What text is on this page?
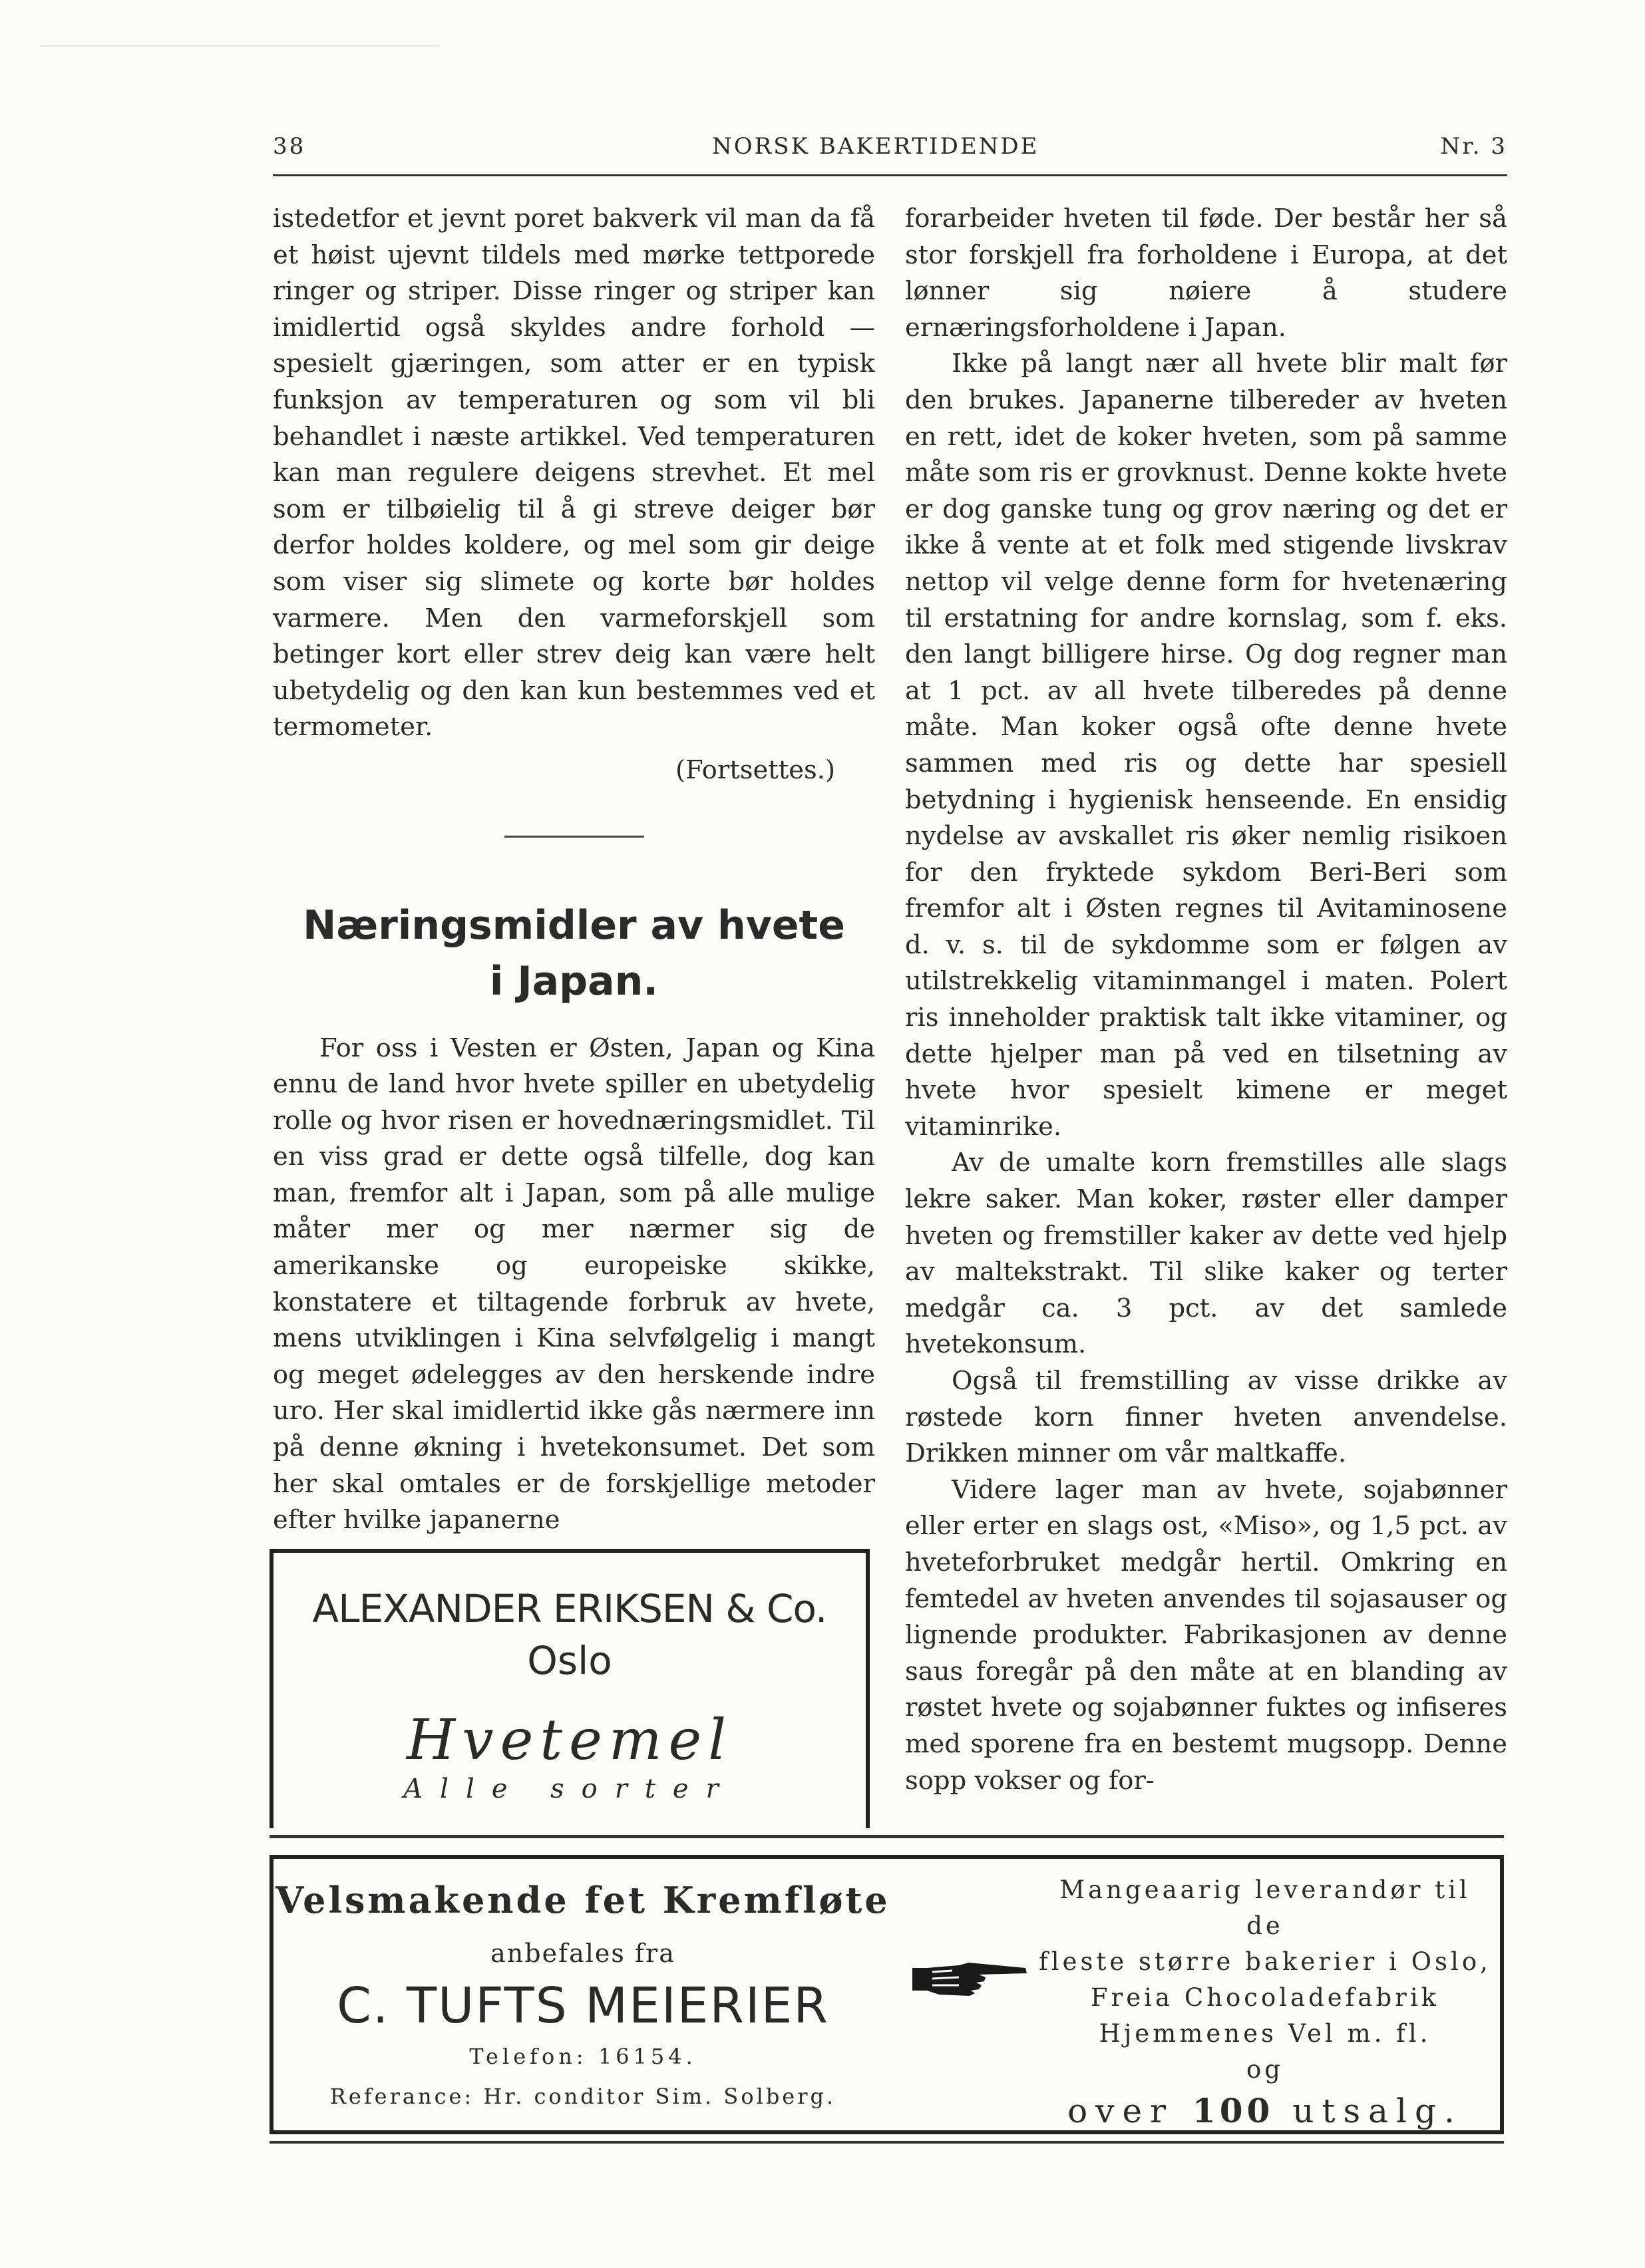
38	NORSK BAKERTIDENDE	Nr. 3

istedetfor et jevnt poret bakverk vil man da få et høist ujevnt tildels med mørke tettporede ringer og striper. Disse ringer og striper kan imidlertid også skyldes andre forhold — spesielt gjæringen, som atter er en typisk funksjon av temperaturen og som vil bli behandlet i næste artikkel. Ved temperaturen kan man regulere deigens strevhet. Et mel som er tilbøielig til å gi streve deiger bør derfor holdes koldere, og mel som gir deige som viser sig slimete og korte bør holdes varmere. Men den varmeforskjell som betinger kort eller strev deig kan være helt ubetydelig og den kan kun bestemmes ved et termometer.

(Fortsettes.)
Næringsmidler av hvete
i Japan.

For oss i Vesten er Østen, Japan og Kina ennu de land hvor hvete spiller en ubetydelig rolle og hvor risen er hovednæringsmidlet. Til en viss grad er dette også tilfelle, dog kan man, fremfor alt i Japan, som på alle mulige måter mer og mer nærmer sig de amerikanske og europeiske skikke, konstatere et tiltagende forbruk av hvete, mens utviklingen i Kina selvfølgelig i mangt og meget ødelegges av den herskende indre uro. Her skal imidlertid ikke gås nærmere inn på denne økning i hvetekonsumet. Det som her skal omtales er de forskjellige metoder efter hvilke japanerne

forarbeider hveten til føde. Der består her så stor forskjell fra forholdene i Europa, at det lønner sig nøiere å studere ernæringsforholdene i Japan.

Ikke på langt nær all hvete blir malt før den brukes. Japanerne tilbereder av hveten en rett, idet de koker hveten, som på samme måte som ris er grovknust. Denne kokte hvete er dog ganske tung og grov næring og det er ikke å vente at et folk med stigende livskrav nettop vil velge denne form for hvetenæring til erstatning for andre kornslag, som f. eks. den langt billigere hirse. Og dog regner man at 1 pct. av all hvete tilberedes på denne måte. Man koker også ofte denne hvete sammen med ris og dette har spesiell betydning i hygienisk henseende. En ensidig nydelse av avskallet ris øker nemlig risikoen for den fryktede sykdom Beri-Beri som fremfor alt i Østen regnes til Avitaminosene d. v. s. til de sykdomme som er følgen av utilstrekkelig vitaminmangel i maten. Polert ris inneholder praktisk talt ikke vitaminer, og dette hjelper man på ved en tilsetning av hvete hvor spesielt kimene er meget vitaminrike.

Av de umalte korn fremstilles alle slags lekre saker. Man koker, røster eller damper hveten og fremstiller kaker av dette ved hjelp av maltekstrakt. Til slike kaker og terter medgår ca. 3 pct. av det samlede hvetekonsum.

Også til fremstilling av visse drikke av røstede korn finner hveten anvendelse. Drikken minner om vår maltkaffe.

Videre lager man av hvete, sojabønner eller erter en slags ost, «Miso», og 1,5 pct. av hveteforbruket medgår hertil. Omkring en femtedel av hveten anvendes til sojasauser og lignende produkter. Fabrikasjonen av denne saus foregår på den måte at en blanding av røstet hvete og sojabønner fuktes og infiseres med sporene fra en bestemt mugsopp. Denne sopp vokser og for-

ALEXANDER ERIKSEN & Co.
Oslo
Hvetemel
Alle sorter
Velsmakende fet Kremfløte
anbefales fra
C. TUFTS MEIERIER
Telefon: 16154.
Referance: Hr. conditor Sim. Solberg.
Mangeaarig leverandør til de
fleste større bakerier i Oslo,
Freia Chocoladefabrik
Hjemmenes Vel m. fl.
og
over 100 utsalg.
